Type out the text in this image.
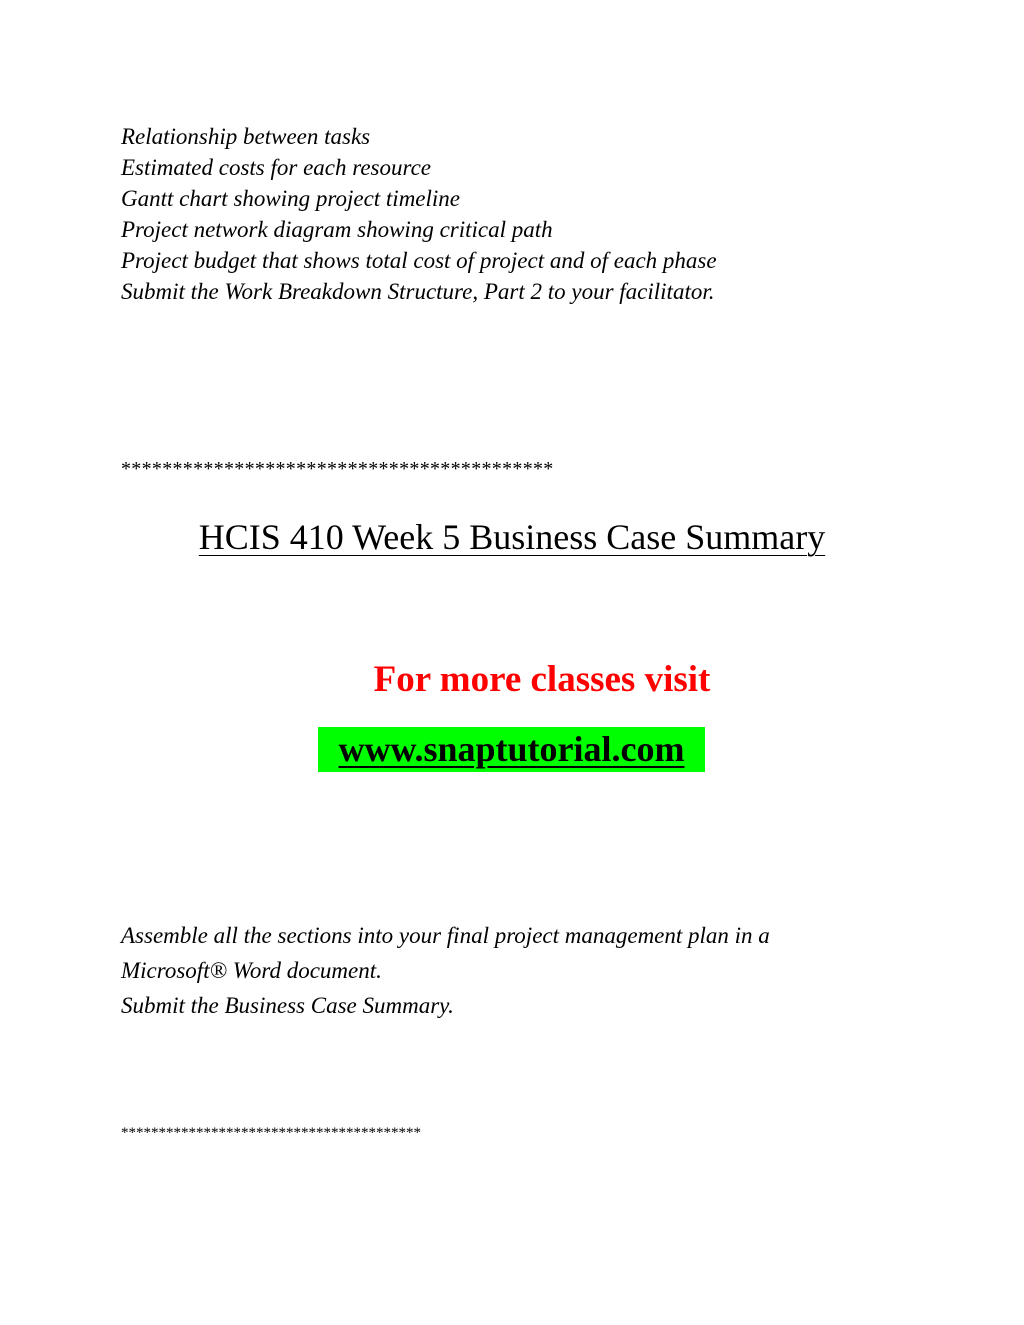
Relationship between tasks
Estimated costs for each resource
Gantt chart showing project timeline
Project network diagram showing critical path
Project budget that shows total cost of project and of each phase
Submit the Work Breakdown Structure, Part 2 to your facilitator.
******************************************
HCIS 410 Week 5 Business Case Summary
For more classes visit
www.snaptutorial.com
Assemble all the sections into your final project management plan in a
Microsoft® Word document.
Submit the Business Case Summary.
****************************************
